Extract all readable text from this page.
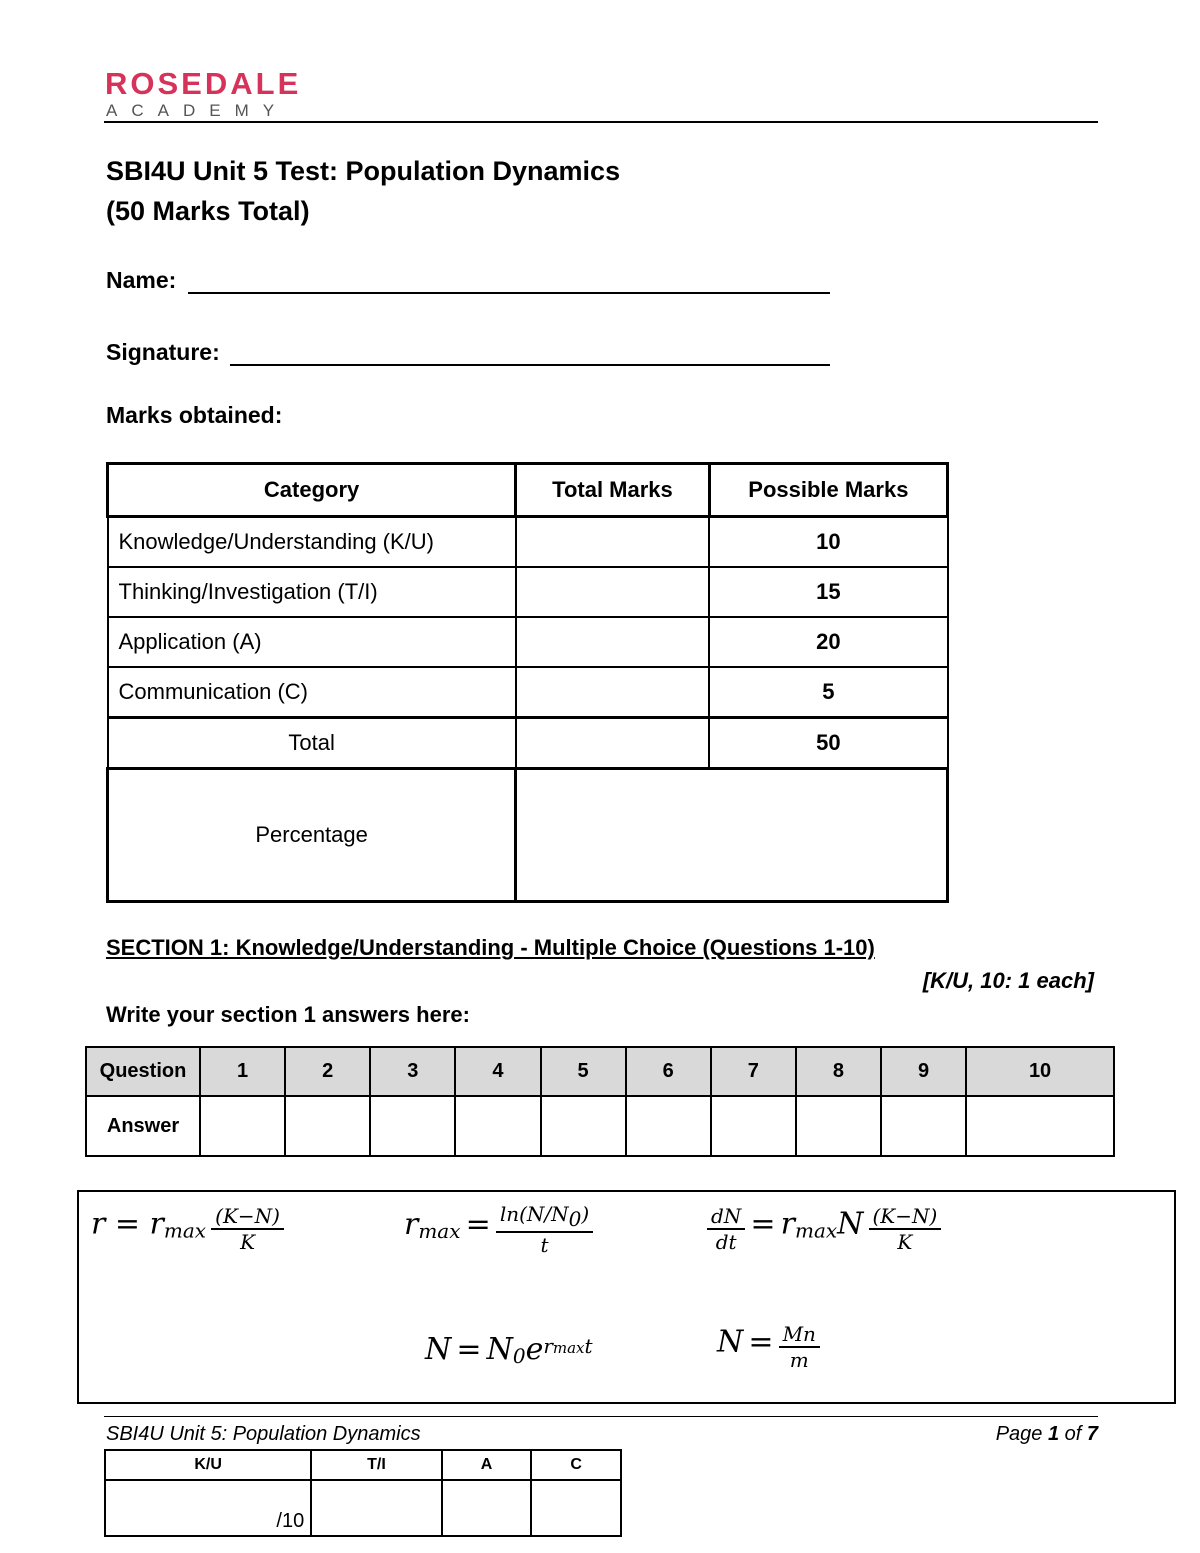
ROSEDALE
ACADEMY
SBI4U Unit 5 Test: Population Dynamics
(50 Marks Total)
Name:
Signature:
Marks obtained:
Category	Total Marks	Possible Marks
Knowledge/Understanding (K/U)		10
Thinking/Investigation (T/I)		15
Application (A)		20
Communication (C)		5
Total		50
Percentage		
SECTION 1: Knowledge/Understanding - Multiple Choice (Questions 1-10)
[K/U, 10: 1 each]
Write your section 1 answers here:
Question	1	2	3	4	5	6	7	8	9	10
Answer										
$r = r_{max} \frac{(K-N)}{K}$	$r_{max} = \frac{\ln(N/N_0)}{t}$	$\frac{dN}{dt} = r_{max}N \frac{(K-N)}{K}$
$N = N_0e^{rmaxt}$	$N = \frac{Mn}{m}$
SBI4U Unit 5: Population Dynamics	Page 1 of 7
K/U	T/I	A	C
/10			
